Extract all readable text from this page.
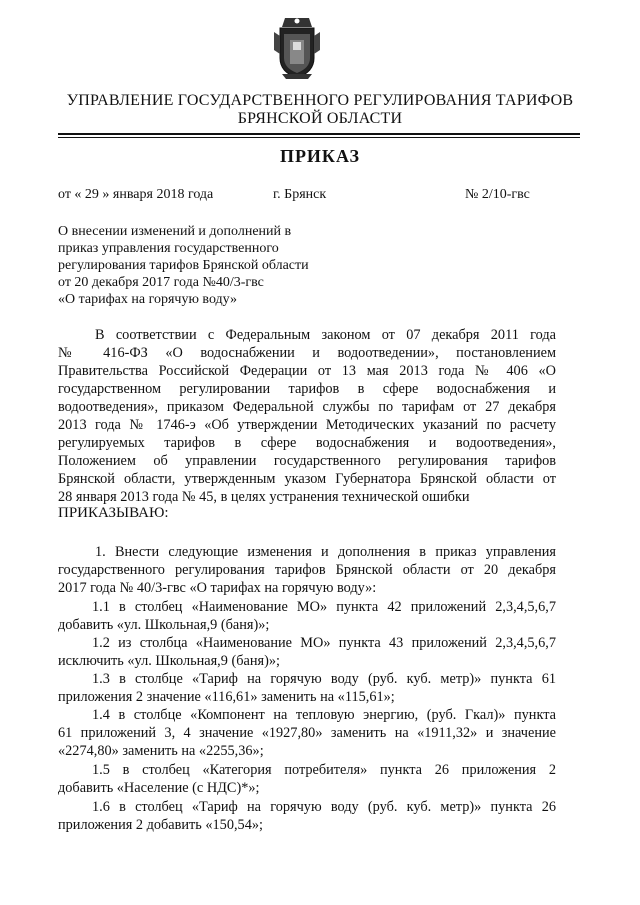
УПРАВЛЕНИЕ ГОСУДАРСТВЕННОГО РЕГУЛИРОВАНИЯ ТАРИФОВ
БРЯНСКОЙ ОБЛАСТИ
ПРИКАЗ
от « 29 » января 2018 года	г. Брянск	№ 2/10-гвс
О внесении изменений и дополнений в
приказ управления государственного
регулирования тарифов Брянской области
от 20 декабря 2017 года №40/3-гвс
«О тарифах на горячую воду»
В соответствии с Федеральным законом от 07 декабря 2011 года
№ 416-ФЗ «О водоснабжении и водоотведении», постановлением
Правительства Российской Федерации от 13 мая 2013 года № 406 «О
государственном регулировании тарифов в сфере водоснабжения и
водоотведения», приказом Федеральной службы по тарифам от 27 декабря
2013 года № 1746-э «Об утверждении Методических указаний по расчету
регулируемых тарифов в сфере водоснабжения и водоотведения»,
Положением об управлении государственного регулирования тарифов
Брянской области, утвержденным указом Губернатора Брянской области от
28 января 2013 года № 45, в целях устранения технической ошибки
ПРИКАЗЫВАЮ:
1. Внести следующие изменения и дополнения в приказ управления
государственного регулирования тарифов Брянской области от 20 декабря
2017 года № 40/3-гвс «О тарифах на горячую воду»:
1.1 в столбец «Наименование МО» пункта 42 приложений 2,3,4,5,6,7
добавить «ул. Школьная,9 (баня)»;
1.2 из столбца «Наименование МО» пункта 43 приложений 2,3,4,5,6,7
исключить «ул. Школьная,9 (баня)»;
1.3 в столбце «Тариф на горячую воду (руб. куб. метр)» пункта 61
приложения 2 значение «116,61» заменить на «115,61»;
1.4 в столбце «Компонент на тепловую энергию, (руб. Гкал)» пункта
61 приложений 3, 4 значение «1927,80» заменить на «1911,32» и значение
«2274,80» заменить на «2255,36»;
1.5 в столбец «Категория потребителя» пункта 26 приложения 2
добавить «Население (с НДС)*»;
1.6 в столбец «Тариф на горячую воду (руб. куб. метр)» пункта 26
приложения 2 добавить «150,54»;
